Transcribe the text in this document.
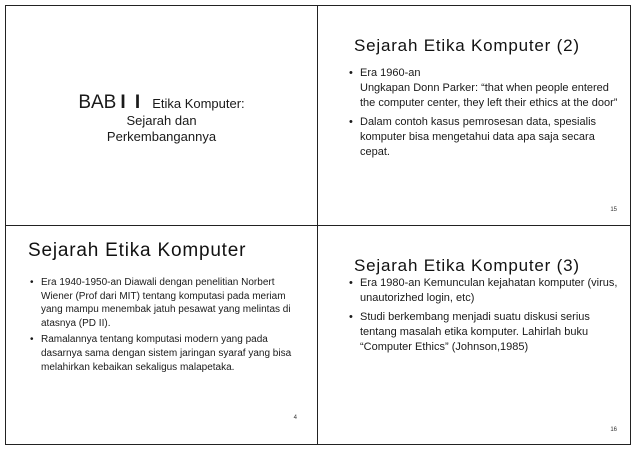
BAB I I Etika Komputer:
Sejarah dan
Perkembangannya
Sejarah Etika Komputer (2)
• Era 1960-an
Ungkapan Donn Parker: “that when people entered the computer center, they left their ethics at the door”
• Dalam contoh kasus pemrosesan data, spesialis komputer bisa mengetahui data apa saja secara cepat.
15
Sejarah Etika Komputer
• Era 1940-1950-an Diawali dengan penelitian Norbert Wiener (Prof dari MIT) tentang komputasi pada meriam yang mampu menembak jatuh pesawat yang melintas di atasnya (PD II).
• Ramalannya tentang komputasi modern yang pada dasarnya sama dengan sistem jaringan syaraf yang bisa melahirkan kebaikan sekaligus malapetaka.
4
Sejarah Etika Komputer (3)
• Era 1980-an Kemunculan kejahatan komputer (virus, unautorizhed login, etc)
• Studi berkembang menjadi suatu diskusi serius tentang masalah etika komputer. Lahirlah buku “Computer Ethics” (Johnson,1985)
16
